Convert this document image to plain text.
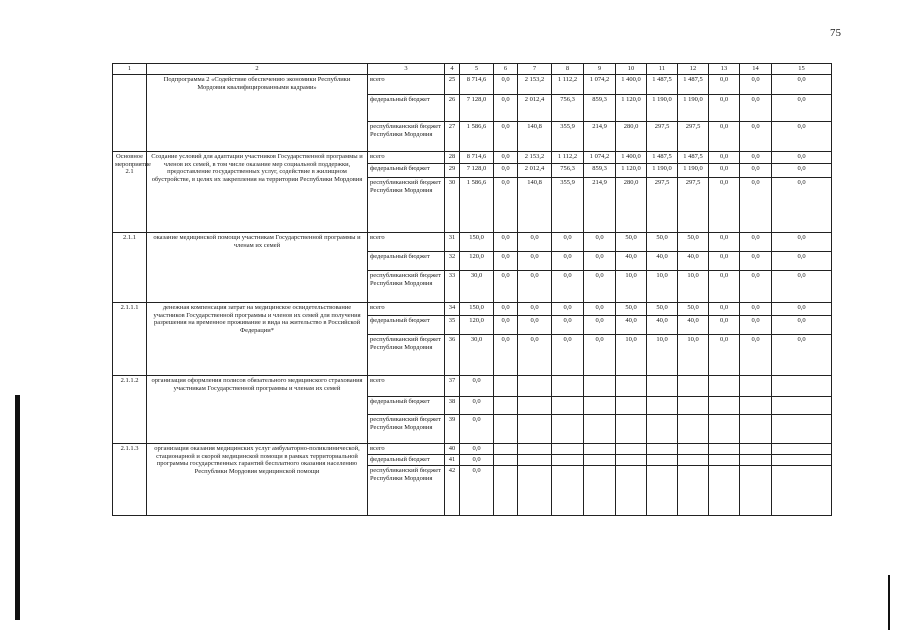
75
1	2	3	4	5	6	7	8	9	10	11	12	13	14	15
	Подпрограмма 2 «Содействие обеспечению экономики Республики Мордовия квалифицированными кадрами»	всего	25	8 714,6	0,0	2 153,2	1 112,2	1 074,2	1 400,0	1 487,5	1 487,5	0,0	0,0	0,0
		федеральный бюджет	26	7 128,0	0,0	2 012,4	756,3	859,3	1 120,0	1 190,0	1 190,0	0,0	0,0	0,0
		республиканский бюджет Республики Мордовия	27	1 586,6	0,0	140,8	355,9	214,9	280,0	297,5	297,5	0,0	0,0	0,0
Основное мероприятие 2.1	Создание условий для адаптации участников Государственной программы и членов их семей, в том числе оказание мер социальной поддержки, предоставление государственных услуг, содействие в жилищном обустройстве, в целях их закрепления на территории Республики Мордовия	всего	28	8 714,6	0,0	2 153,2	1 112,2	1 074,2	1 400,0	1 487,5	1 487,5	0,0	0,0	0,0
		федеральный бюджет	29	7 128,0	0,0	2 012,4	756,3	859,3	1 120,0	1 190,0	1 190,0	0,0	0,0	0,0
		республиканский бюджет Республики Мордовия	30	1 586,6	0,0	140,8	355,9	214,9	280,0	297,5	297,5	0,0	0,0	0,0
2.1.1	оказание медицинской помощи участникам Государственной программы и членам их семей	всего	31	150,0	0,0	0,0	0,0	0,0	50,0	50,0	50,0	0,0	0,0	0,0
		федеральный бюджет	32	120,0	0,0	0,0	0,0	0,0	40,0	40,0	40,0	0,0	0,0	0,0
		республиканский бюджет Республики Мордовия	33	30,0	0,0	0,0	0,0	0,0	10,0	10,0	10,0	0,0	0,0	0,0
2.1.1.1	денежная компенсация затрат на медицинское освидетельствование участников Государственной программы и членов их семей для получения разрешения на временное проживание и вида на жительство в Российской Федерации*	всего	34	150,0	0,0	0,0	0,0	0,0	50,0	50,0	50,0	0,0	0,0	0,0
		федеральный бюджет	35	120,0	0,0	0,0	0,0	0,0	40,0	40,0	40,0	0,0	0,0	0,0
		республиканский бюджет Республики Мордовия	36	30,0	0,0	0,0	0,0	0,0	10,0	10,0	10,0	0,0	0,0	0,0
2.1.1.2	организация оформления полисов обязательного медицинского страхования участникам Государственной программы и членам их семей	всего	37	0,0										
		федеральный бюджет	38	0,0										
		республиканский бюджет Республики Мордовия	39	0,0										
2.1.1.3	организация оказания медицинских услуг амбулаторно-поликлинической, стационарной и скорой медицинской помощи в рамках территориальной программы государственных гарантий бесплатного оказания населению Республики Мордовия медицинской помощи	всего	40	0,0										
		федеральный бюджет	41	0,0										
		республиканский бюджет Республики Мордовия	42	0,0										
